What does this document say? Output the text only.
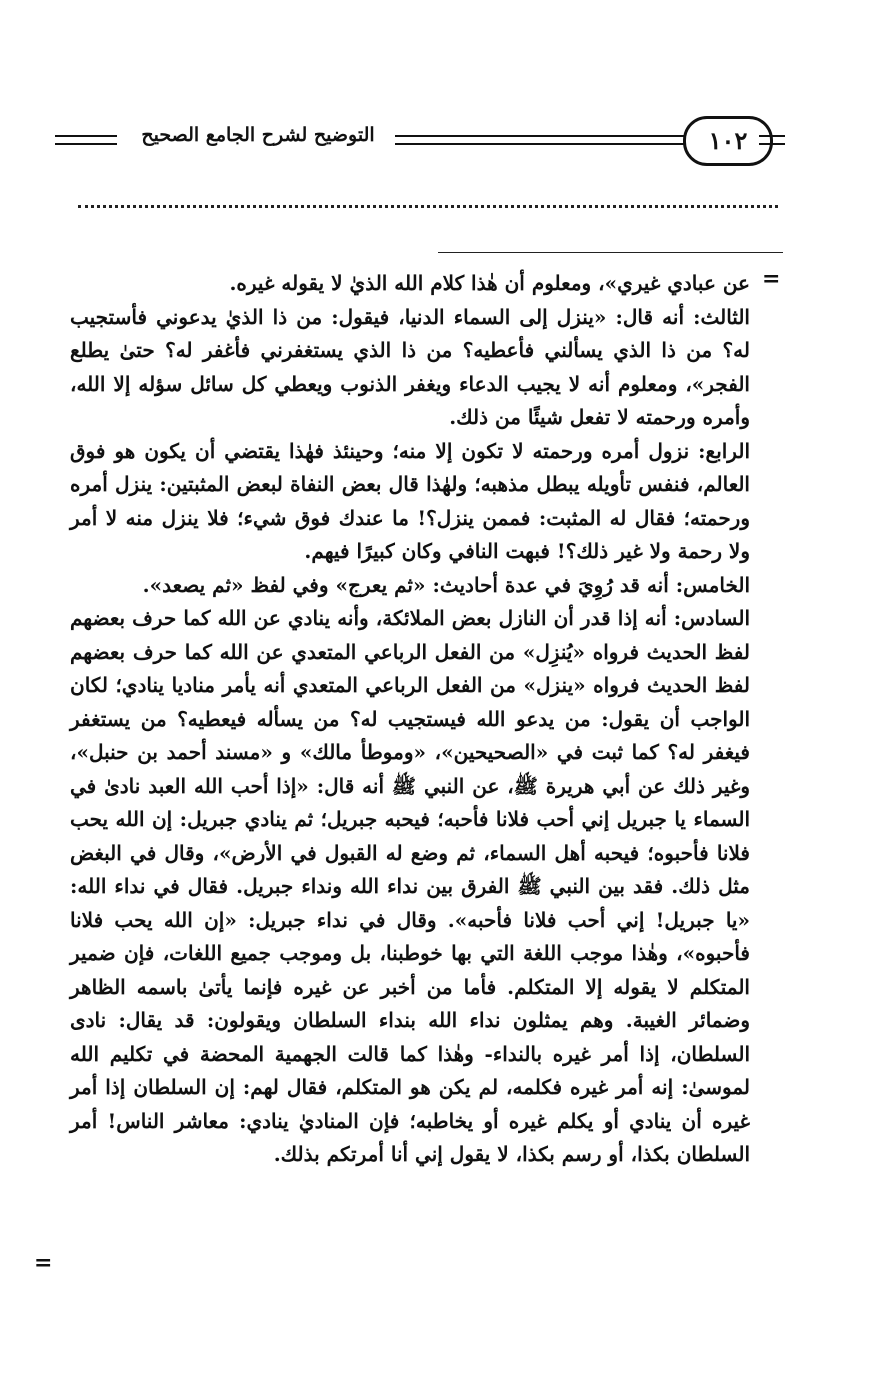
التوضيح لشرح الجامع الصحيح	١٠٢
=

عن عبادي غيري»، ومعلوم أن هٰذا كلام الله الذيٰ لا يقوله غيره.

الثالث: أنه قال: «ينزل إلى السماء الدنيا، فيقول: من ذا الذيٰ يدعوني فأستجيب له؟ من ذا الذي يسألني فأعطيه؟ من ذا الذي يستغفرني فأغفر له؟ حتىٰ يطلع الفجر»، ومعلوم أنه لا يجيب الدعاء ويغفر الذنوب ويعطي كل سائل سؤله إلا الله، وأمره ورحمته لا تفعل شيئًا من ذلك.

الرابع: نزول أمره ورحمته لا تكون إلا منه؛ وحينئذ فهٰذا يقتضي أن يكون هو فوق العالم، فنفس تأويله يبطل مذهبه؛ ولهٰذا قال بعض النفاة لبعض المثبتين: ينزل أمره ورحمته؛ فقال له المثبت: فممن ينزل؟! ما عندك فوق شيء؛ فلا ينزل منه لا أمر ولا رحمة ولا غير ذلك؟! فبهت النافي وكان كبيرًا فيهم.

الخامس: أنه قد رُوِيَ في عدة أحاديث: «ثم يعرج» وفي لفظ «ثم يصعد».

السادس: أنه إذا قدر أن النازل بعض الملائكة، وأنه ينادي عن الله كما حرف بعضهم لفظ الحديث فرواه «يُنزِل» من الفعل الرباعي المتعدي عن الله كما حرف بعضهم لفظ الحديث فرواه «ينزل» من الفعل الرباعي المتعدي أنه يأمر مناديا ينادي؛ لكان الواجب أن يقول: من يدعو الله فيستجيب له؟ من يسأله فيعطيه؟ من يستغفر فيغفر له؟ كما ثبت في «الصحيحين»، «وموطأ مالك» و «مسند أحمد بن حنبل»، وغير ذلك عن أبي هريرة ﷺ، عن النبي ﷺ أنه قال: «إذا أحب الله العبد نادىٰ في السماء يا جبريل إني أحب فلانا فأحبه؛ فيحبه جبريل؛ ثم ينادي جبريل: إن الله يحب فلانا فأحبوه؛ فيحبه أهل السماء، ثم وضع له القبول في الأرض»، وقال في البغض مثل ذلك. فقد بين النبي ﷺ الفرق بين نداء الله ونداء جبريل. فقال في نداء الله: «يا جبريل! إني أحب فلانا فأحبه». وقال في نداء جبريل: «إن الله يحب فلانا فأحبوه»، وهٰذا موجب اللغة التي بها خوطبنا، بل وموجب جميع اللغات، فإن ضمير المتكلم لا يقوله إلا المتكلم. فأما من أخبر عن غيره فإنما يأتىٰ باسمه الظاهر وضمائر الغيبة. وهم يمثلون نداء الله بنداء السلطان ويقولون: قد يقال: نادى السلطان، إذا أمر غيره بالنداء- وهٰذا كما قالت الجهمية المحضة في تكليم الله لموسىٰ: إنه أمر غيره فكلمه، لم يكن هو المتكلم، فقال لهم: إن السلطان إذا أمر غيره أن ينادي أو يكلم غيره أو يخاطبه؛ فإن المناديٰ ينادي: معاشر الناس! أمر السلطان بكذا، أو رسم بكذا، لا يقول إني أنا أمرتكم بذلك.

=
